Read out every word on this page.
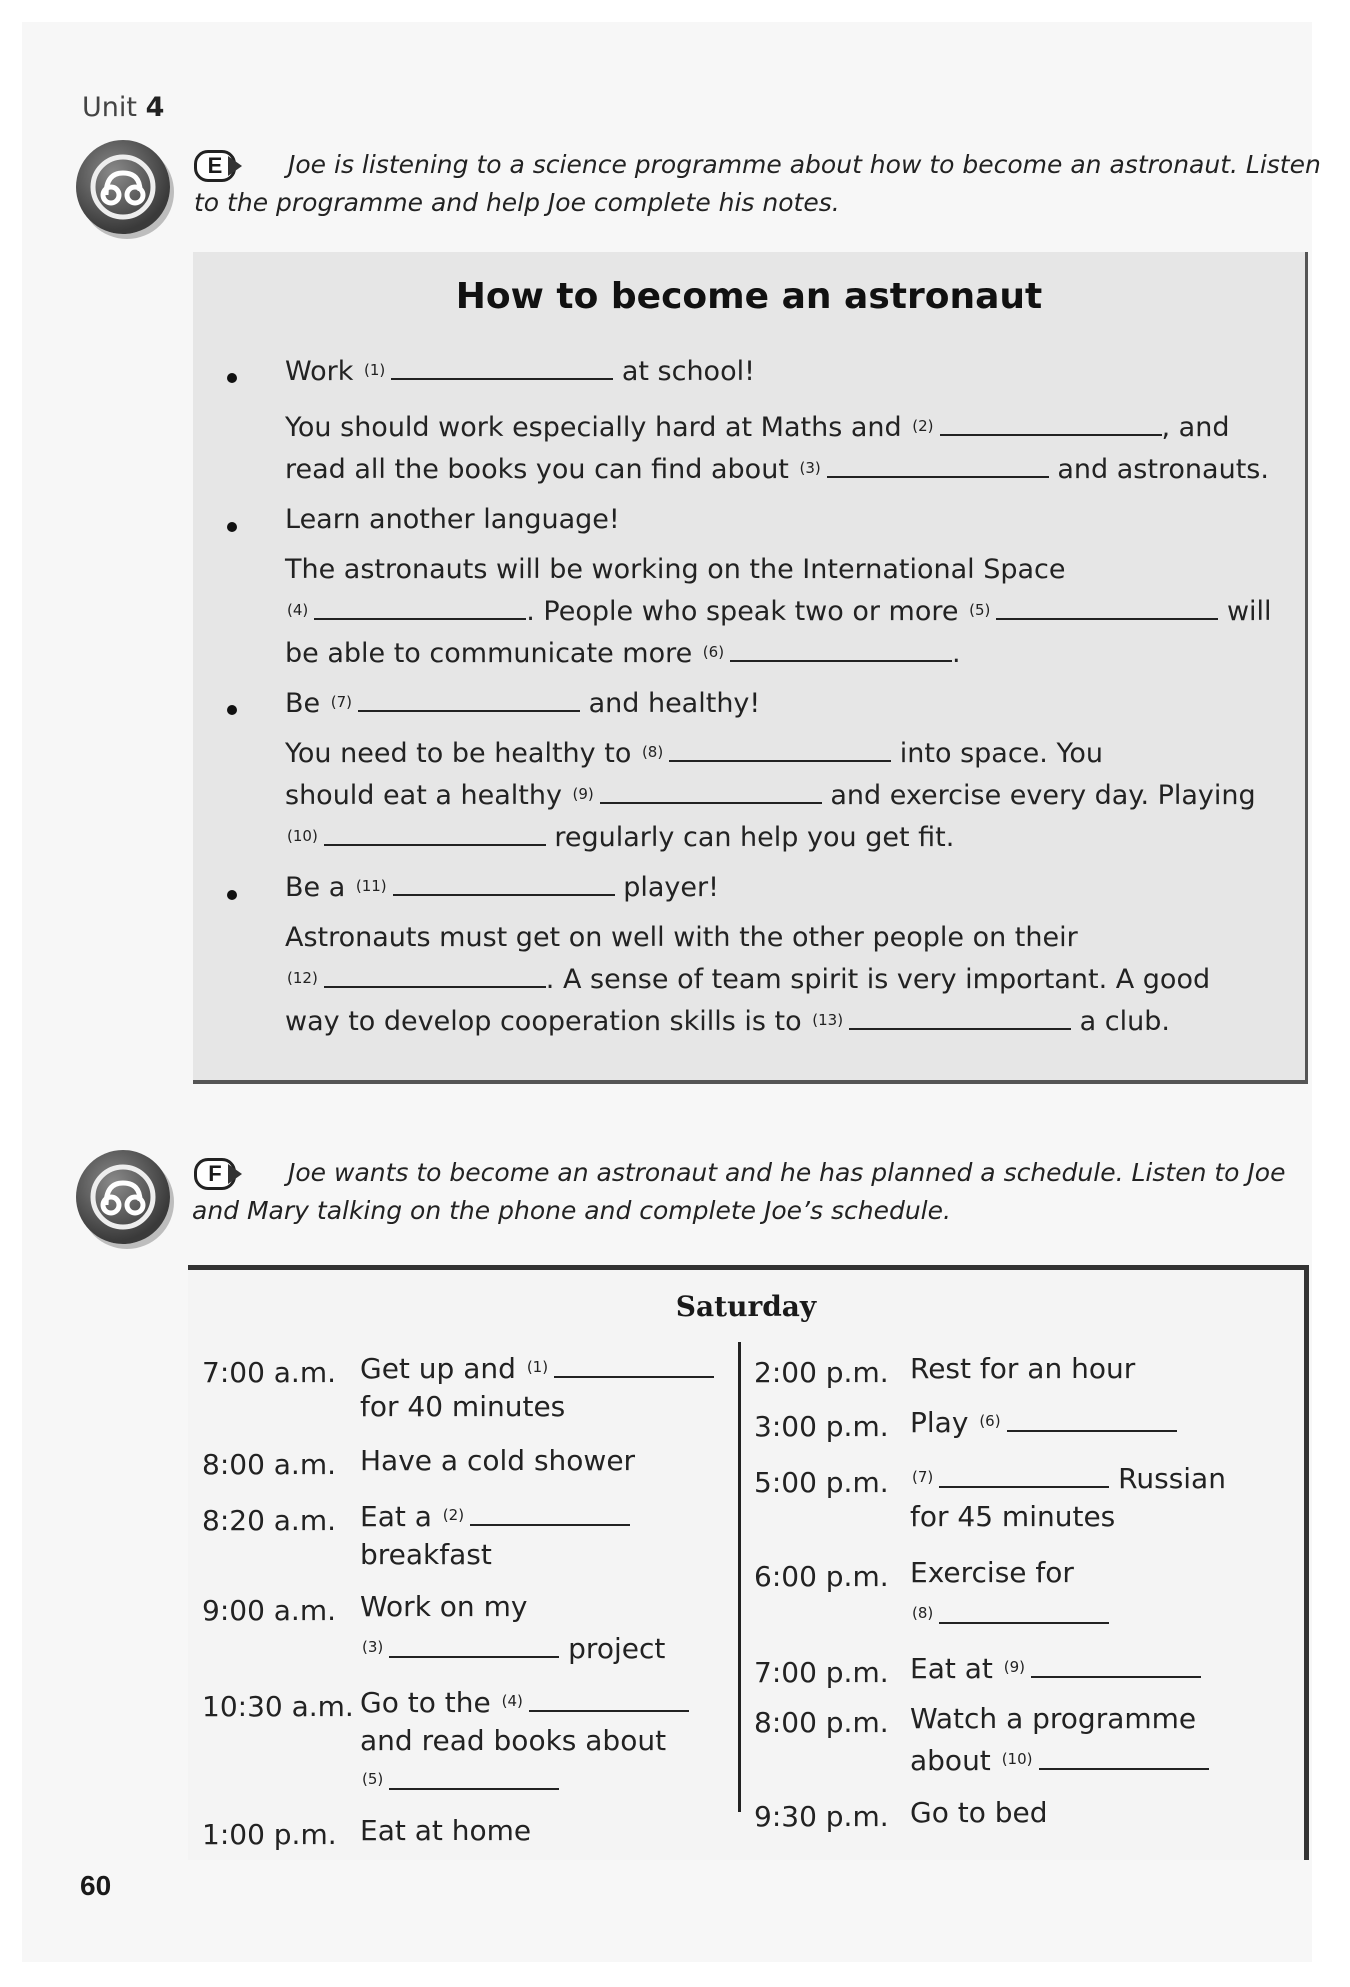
Unit 4
E	Joe is listening to a science programme about how to become an astronaut. Listen
to the programme and help Joe complete his notes.
How to become an astronaut
Work $^{(1)}$	at school!
You should work especially hard at Maths and $^{(2)}$	, and
read all the books you can find about $^{(3)}$	and astronauts.
Learn another language!
The astronauts will be working on the International Space
$^{(4)}$	. People who speak two or more $^{(5)}$	will
be able to communicate more $^{(6)}$	.
Be $^{(7)}$	and healthy!
You need to be healthy to $^{(8)}$	into space. You
should eat a healthy $^{(9)}$	and exercise every day. Playing
$^{(10)}$	regularly can help you get fit.
Be a $^{(11)}$	player!
Astronauts must get on well with the other people on their
$^{(12)}$	. A sense of team spirit is very important. A good
way to develop cooperation skills is to $^{(13)}$	a club.
F	Joe wants to become an astronaut and he has planned a schedule. Listen to Joe
and Mary talking on the phone and complete Joe’s schedule.
Saturday
7:00 a.m. Get up and $^{(1)}$
for 40 minutes
8:00 a.m. Have a cold shower
8:20 a.m. Eat a $^{(2)}$
breakfast
9:00 a.m. Work on my
$^{(3)}$	project
10:30 a.m. Go to the $^{(4)}$
and read books about
$^{(5)}$
1:00 p.m. Eat at home
2:00 p.m. Rest for an hour
3:00 p.m. Play $^{(6)}$
5:00 p.m. $^{(7)}$	Russian
for 45 minutes
6:00 p.m. Exercise for
$^{(8)}$
7:00 p.m. Eat at $^{(9)}$
8:00 p.m. Watch a programme
about $^{(10)}$
9:30 p.m. Go to bed
60
